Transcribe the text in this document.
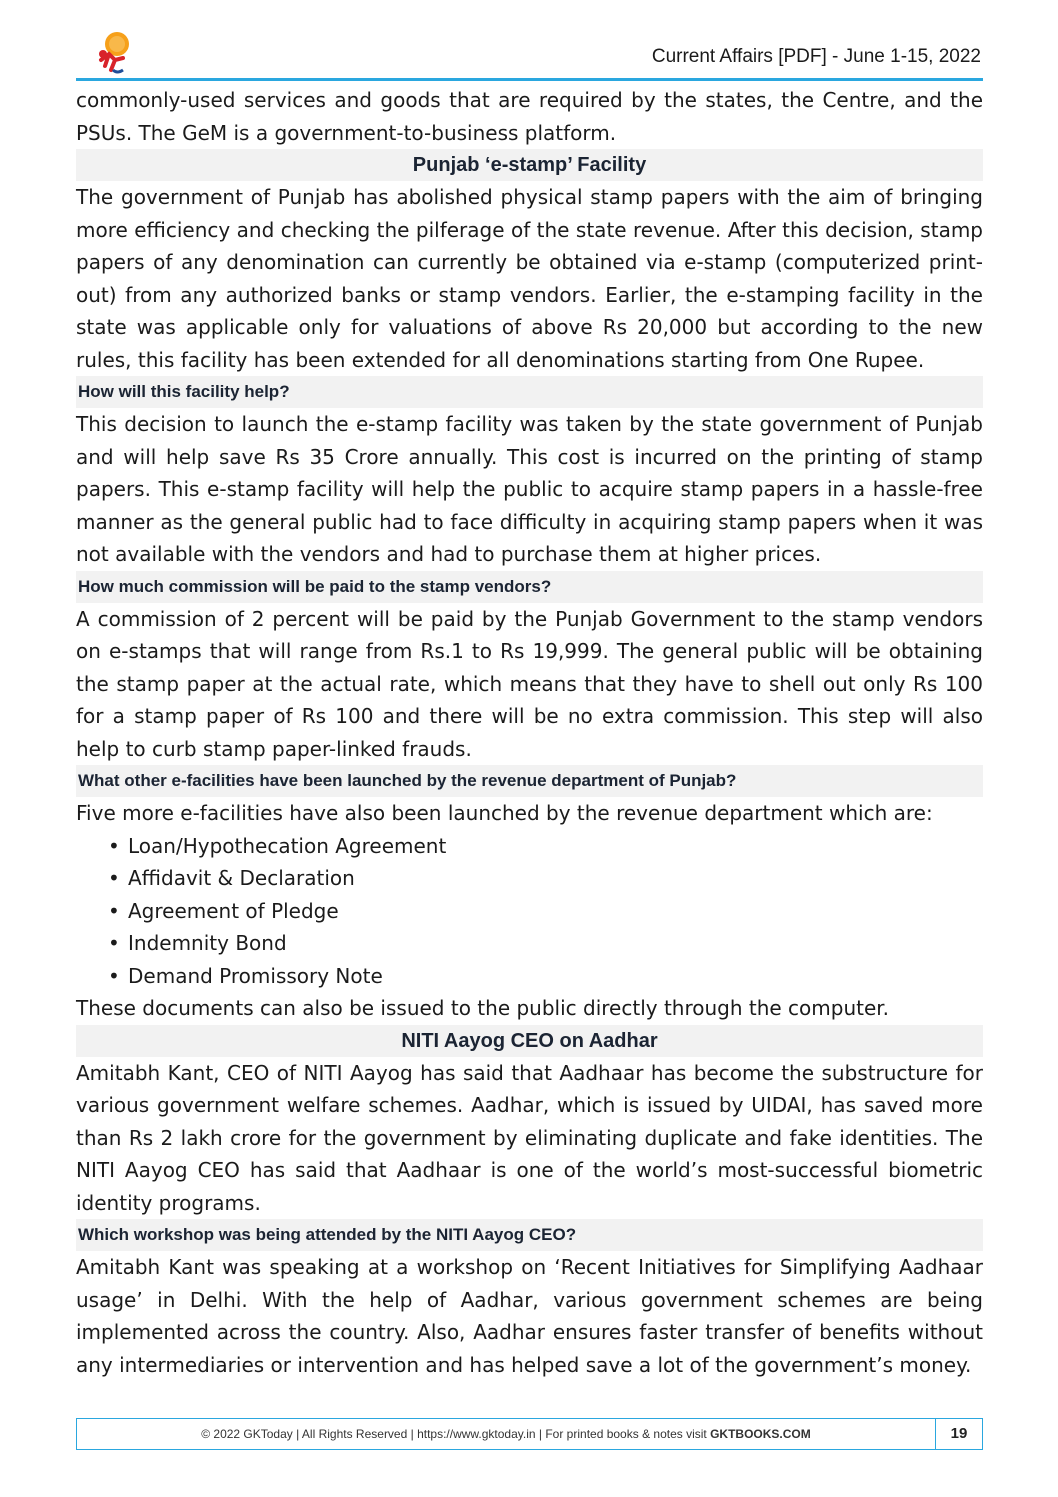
Current Affairs [PDF] - June 1-15, 2022

commonly-used services and goods that are required by the states, the Centre, and the PSUs. The GeM is a government-to-business platform.

Punjab ‘e-stamp’ Facility

The government of Punjab has abolished physical stamp papers with the aim of bringing more efficiency and checking the pilferage of the state revenue. After this decision, stamp papers of any denomination can currently be obtained via e-stamp (computerized print-out) from any authorized banks or stamp vendors. Earlier, the e-stamping facility in the state was applicable only for valuations of above Rs 20,000 but according to the new rules, this facility has been extended for all denominations starting from One Rupee.

How will this facility help?

This decision to launch the e-stamp facility was taken by the state government of Punjab and will help save Rs 35 Crore annually. This cost is incurred on the printing of stamp papers. This e-stamp facility will help the public to acquire stamp papers in a hassle-free manner as the general public had to face difficulty in acquiring stamp papers when it was not available with the vendors and had to purchase them at higher prices.

How much commission will be paid to the stamp vendors?

A commission of 2 percent will be paid by the Punjab Government to the stamp vendors on e-stamps that will range from Rs.1 to Rs 19,999. The general public will be obtaining the stamp paper at the actual rate, which means that they have to shell out only Rs 100 for a stamp paper of Rs 100 and there will be no extra commission. This step will also help to curb stamp paper-linked frauds.

What other e-facilities have been launched by the revenue department of Punjab?

Five more e-facilities have also been launched by the revenue department which are:

• Loan/Hypothecation Agreement
• Affidavit & Declaration
• Agreement of Pledge
• Indemnity Bond
• Demand Promissory Note

These documents can also be issued to the public directly through the computer.

NITI Aayog CEO on Aadhar

Amitabh Kant, CEO of NITI Aayog has said that Aadhaar has become the substructure for various government welfare schemes. Aadhar, which is issued by UIDAI, has saved more than Rs 2 lakh crore for the government by eliminating duplicate and fake identities. The NITI Aayog CEO has said that Aadhaar is one of the world’s most-successful biometric identity programs.

Which workshop was being attended by the NITI Aayog CEO?

Amitabh Kant was speaking at a workshop on ‘Recent Initiatives for Simplifying Aadhaar usage’ in Delhi. With the help of Aadhar, various government schemes are being implemented across the country. Also, Aadhar ensures faster transfer of benefits without any intermediaries or intervention and has helped save a lot of the government’s money.

© 2022 GKToday | All Rights Reserved | https://www.gktoday.in | For printed books & notes visit GKTBOOKS.COM	19
